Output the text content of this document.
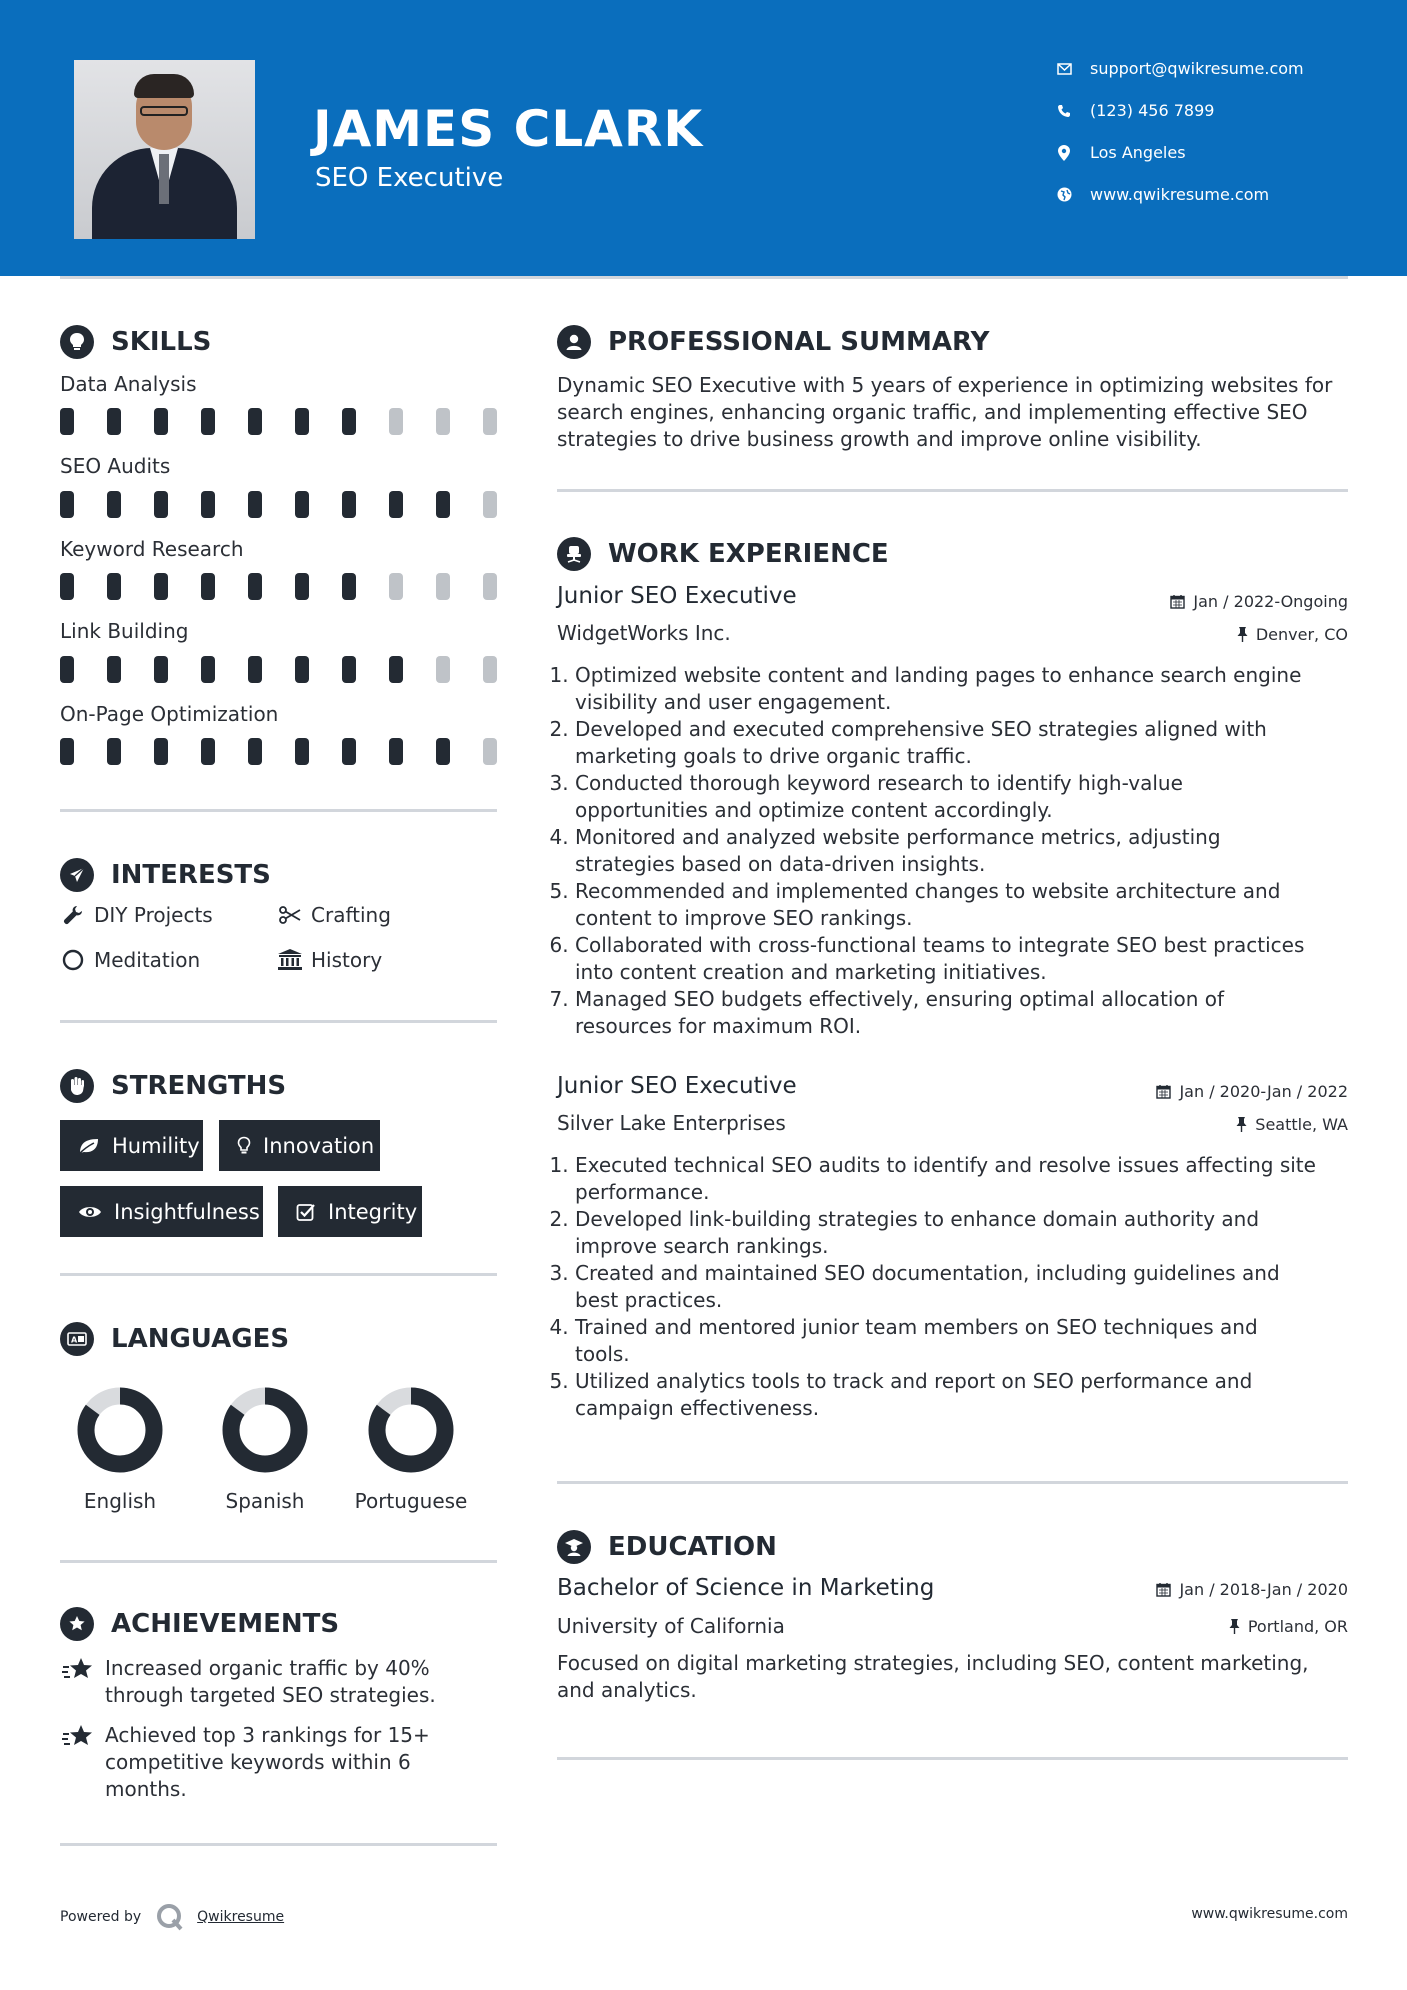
JAMES CLARK
SEO Executive
support@qwikresume.com
(123) 456 7899
Los Angeles
www.qwikresume.com
SKILLS
Data Analysis
SEO Audits
Keyword Research
Link Building
On-Page Optimization
INTERESTS
DIY Projects	Crafting
Meditation	History
STRENGTHS
Humility	Innovation
Insightfulness	Integrity
A LANGUAGES
English	Spanish	Portuguese
ACHIEVEMENTS
Increased organic traffic by 40%
through targeted SEO strategies.
Achieved top 3 rankings for 15+
competitive keywords within 6
months.
PROFESSIONAL SUMMARY
Dynamic SEO Executive with 5 years of experience in optimizing websites for
search engines, enhancing organic traffic, and implementing effective SEO
strategies to drive business growth and improve online visibility.
WORK EXPERIENCE
Junior SEO Executive	Jan / 2022-Ongoing
WidgetWorks Inc.	Denver, CO
1. Optimized website content and landing pages to enhance search engine
visibility and user engagement.
2. Developed and executed comprehensive SEO strategies aligned with
marketing goals to drive organic traffic.
3. Conducted thorough keyword research to identify high-value
opportunities and optimize content accordingly.
4. Monitored and analyzed website performance metrics, adjusting
strategies based on data-driven insights.
5. Recommended and implemented changes to website architecture and
content to improve SEO rankings.
6. Collaborated with cross-functional teams to integrate SEO best practices
into content creation and marketing initiatives.
7. Managed SEO budgets effectively, ensuring optimal allocation of
resources for maximum ROI.
Junior SEO Executive	Jan / 2020-Jan / 2022
Silver Lake Enterprises	Seattle, WA
1. Executed technical SEO audits to identify and resolve issues affecting site
performance.
2. Developed link-building strategies to enhance domain authority and
improve search rankings.
3. Created and maintained SEO documentation, including guidelines and
best practices.
4. Trained and mentored junior team members on SEO techniques and
tools.
5. Utilized analytics tools to track and report on SEO performance and
campaign effectiveness.
EDUCATION
Bachelor of Science in Marketing	Jan / 2018-Jan / 2020
University of California	Portland, OR
Focused on digital marketing strategies, including SEO, content marketing,
and analytics.
Powered by	Qwikresume	www.qwikresume.com
